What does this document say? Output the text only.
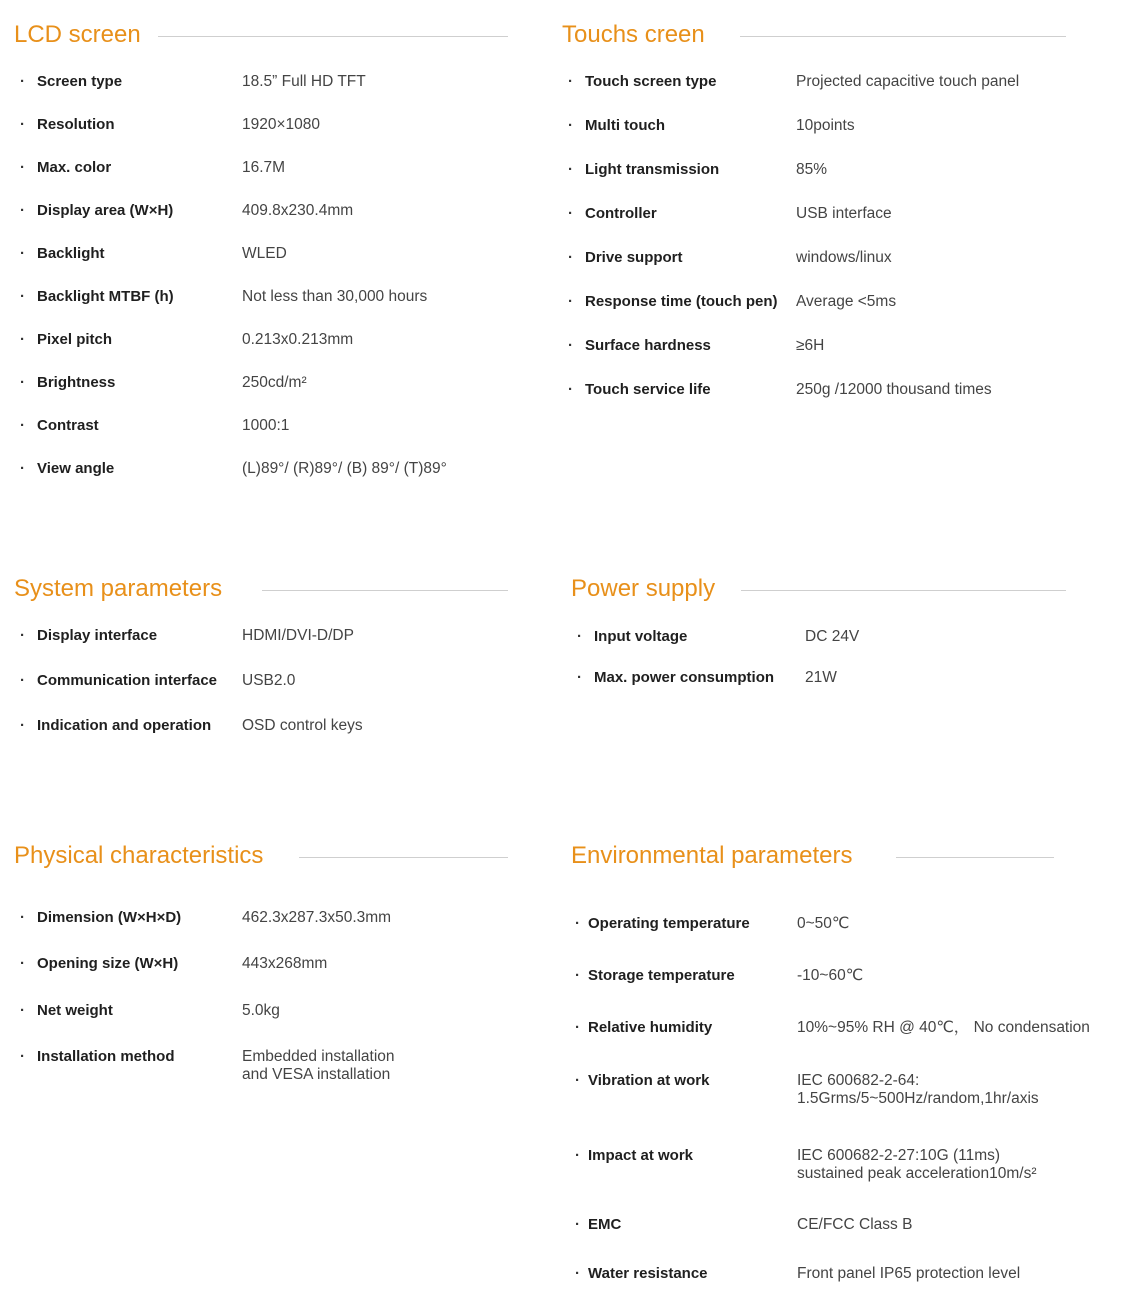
LCD screen
· Screen type	18.5” Full HD TFT
· Resolution	1920×1080
· Max. color	16.7M
· Display area (W×H)	409.8x230.4mm
· Backlight	WLED
· Backlight MTBF (h)	Not less than 30,000 hours
· Pixel pitch	0.213x0.213mm
· Brightness	250cd/m²
· Contrast	1000:1
· View angle	(L)89°/ (R)89°/ (B) 89°/ (T)89°
Touchs creen
· Touch screen type	Projected capacitive touch panel
· Multi touch	10points
· Light transmission	85%
· Controller	USB interface
· Drive support	windows/linux
· Response time (touch pen) Average <5ms
· Surface hardness	≥6H
· Touch service life	250g /12000 thousand times
System parameters
· Display interface	HDMI/DVI-D/DP
· Communication interface USB2.0
· Indication and operation OSD control keys
Power supply
· Input voltage	DC 24V
· Max. power consumption 21W
Physical characteristics
· Dimension (W×H×D)	462.3x287.3x50.3mm
· Opening size (W×H)	443x268mm
· Net weight	5.0kg
· Installation method	Embedded installation
and VESA installation
Environmental parameters
· Operating temperature	0~50℃
· Storage temperature	-10~60℃
· Relative humidity	10%~95% RH @ 40℃， No condensation
· Vibration at work	IEC 600682-2-64:
1.5Grms/5~500Hz/random,1hr/axis
· Impact at work	IEC 600682-2-27:10G (11ms)
sustained peak acceleration10m/s²
· EMC	CE/FCC Class B
· Water resistance	Front panel IP65 protection level
